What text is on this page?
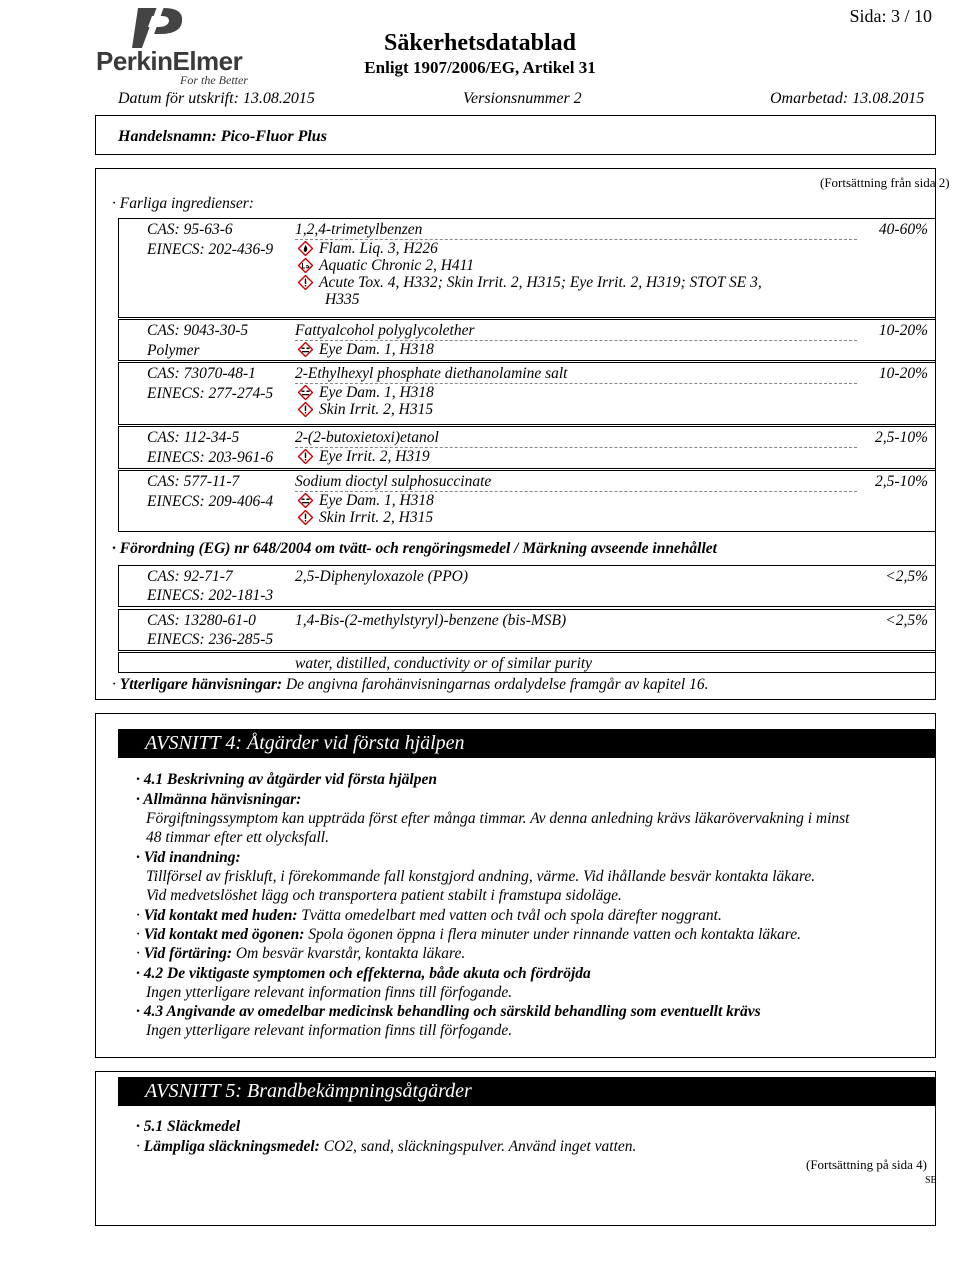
PerkinElmer
For the Better
Sida: 3 / 10
Säkerhetsdatablad
Enligt 1907/2006/EG, Artikel 31
Datum för utskrift: 13.08.2015	Versionsnummer 2	Omarbetad: 13.08.2015
Handelsnamn: Pico-Fluor Plus
(Fortsättning från sida 2)
· Farliga ingredienser:
CAS: 95-63-6
EINECS: 202-436-9
1,2,4-trimetylbenzen	40-60%
Flam. Liq. 3, H226
Aquatic Chronic 2, H411
Acute Tox. 4, H332; Skin Irrit. 2, H315; Eye Irrit. 2, H319; STOT SE 3,
H335
CAS: 9043-30-5
Polymer
Fattyalcohol polyglycolether	10-20%
Eye Dam. 1, H318
CAS: 73070-48-1
EINECS: 277-274-5
2-Ethylhexyl phosphate diethanolamine salt	10-20%
Eye Dam. 1, H318
Skin Irrit. 2, H315
CAS: 112-34-5
EINECS: 203-961-6
2-(2-butoxietoxi)etanol	2,5-10%
Eye Irrit. 2, H319
CAS: 577-11-7
EINECS: 209-406-4
Sodium dioctyl sulphosuccinate	2,5-10%
Eye Dam. 1, H318
Skin Irrit. 2, H315
· Förordning (EG) nr 648/2004 om tvätt- och rengöringsmedel / Märkning avseende innehållet
CAS: 92-71-7
EINECS: 202-181-3
2,5-Diphenyloxazole (PPO)	<2,5%
CAS: 13280-61-0
EINECS: 236-285-5
1,4-Bis-(2-methylstyryl)-benzene (bis-MSB)	<2,5%
water, distilled, conductivity or of similar purity
· Ytterligare hänvisningar: De angivna farohänvisningarnas ordalydelse framgår av kapitel 16.
AVSNITT 4: Åtgärder vid första hjälpen
· 4.1 Beskrivning av åtgärder vid första hjälpen
· Allmänna hänvisningar:
Förgiftningssymptom kan uppträda först efter många timmar. Av denna anledning krävs läkarövervakning i minst
48 timmar efter ett olycksfall.
· Vid inandning:
Tillförsel av friskluft, i förekommande fall konstgjord andning, värme. Vid ihållande besvär kontakta läkare.
Vid medvetslöshet lägg och transportera patient stabilt i framstupa sidoläge.
· Vid kontakt med huden: Tvätta omedelbart med vatten och tvål och spola därefter noggrant.
· Vid kontakt med ögonen: Spola ögonen öppna i flera minuter under rinnande vatten och kontakta läkare.
· Vid förtäring: Om besvär kvarstår, kontakta läkare.
· 4.2 De viktigaste symptomen och effekterna, både akuta och fördröjda
Ingen ytterligare relevant information finns till förfogande.
· 4.3 Angivande av omedelbar medicinsk behandling och särskild behandling som eventuellt krävs
Ingen ytterligare relevant information finns till förfogande.
AVSNITT 5: Brandbekämpningsåtgärder
· 5.1 Släckmedel
· Lämpliga släckningsmedel: CO2, sand, släckningspulver. Använd inget vatten.
(Fortsättning på sida 4)
SE
